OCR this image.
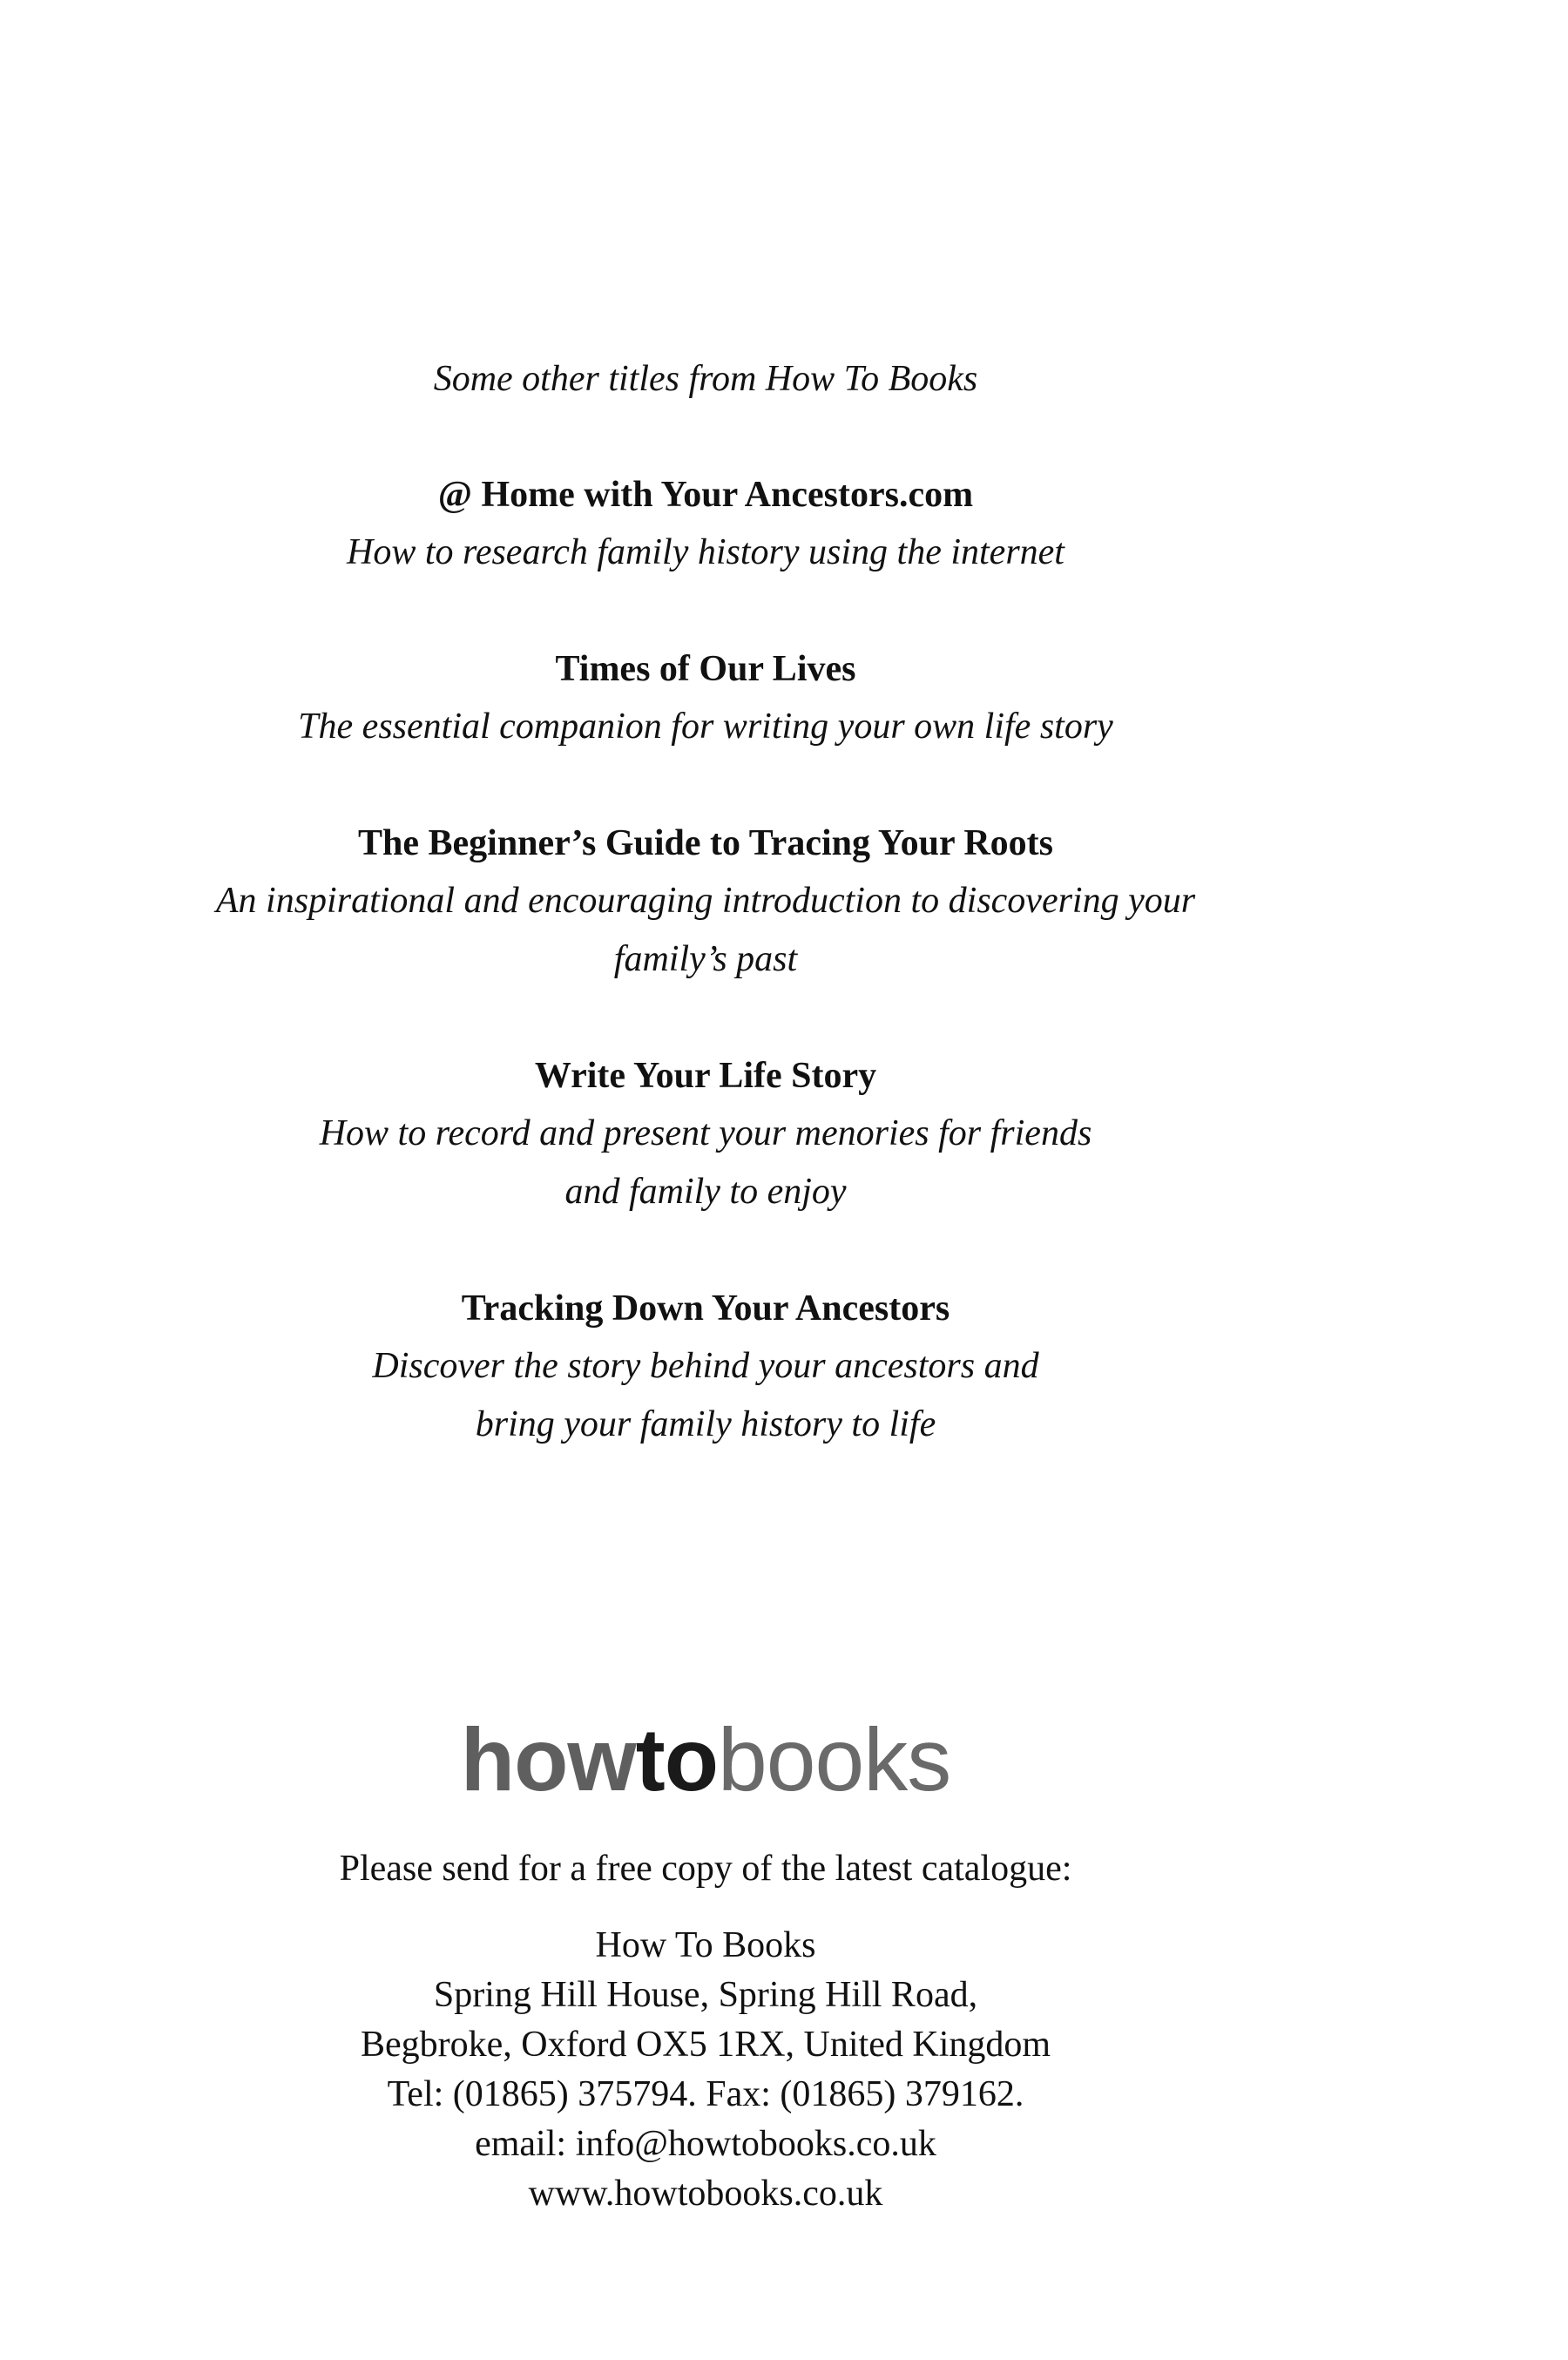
Some other titles from How To Books
@ Home with Your Ancestors.com
How to research family history using the internet
Times of Our Lives
The essential companion for writing your own life story
The Beginner’s Guide to Tracing Your Roots
An inspirational and encouraging introduction to discovering your
family’s past
Write Your Life Story
How to record and present your menories for friends
and family to enjoy
Tracking Down Your Ancestors
Discover the story behind your ancestors and
bring your family history to life
howtobooks
Please send for a free copy of the latest catalogue:
How To Books
Spring Hill House, Spring Hill Road,
Begbroke, Oxford OX5 1RX, United Kingdom
Tel: (01865) 375794. Fax: (01865) 379162.
email: info@howtobooks.co.uk
www.howtobooks.co.uk
